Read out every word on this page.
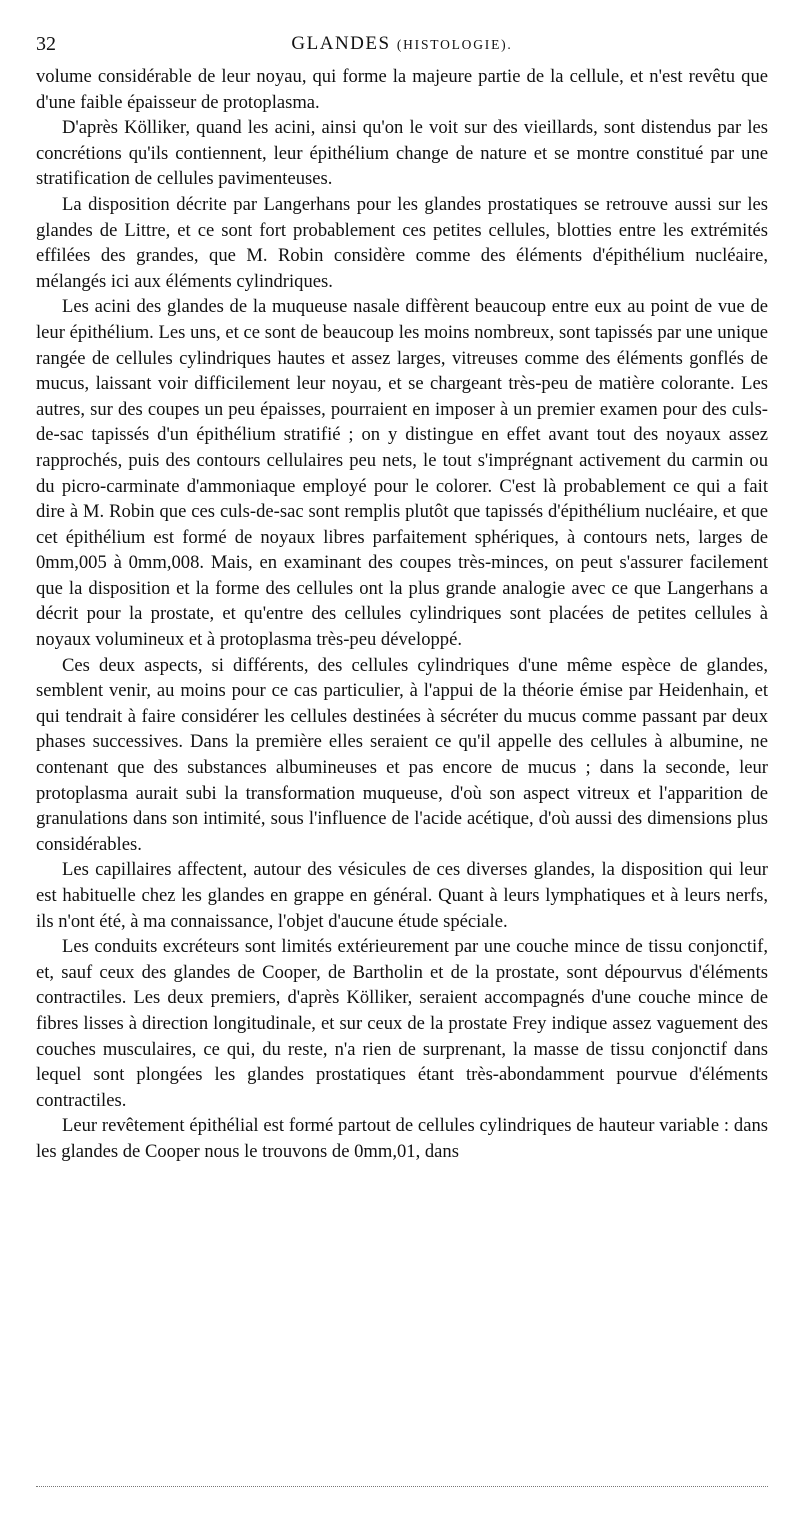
32	GLANDES (HISTOLOGIE).

volume considérable de leur noyau, qui forme la majeure partie de la cellule, et n'est revêtu que d'une faible épaisseur de protoplasma.

D'après Kölliker, quand les acini, ainsi qu'on le voit sur des vieillards, sont distendus par les concrétions qu'ils contiennent, leur épithélium change de nature et se montre constitué par une stratification de cellules pavimenteuses.

La disposition décrite par Langerhans pour les glandes prostatiques se retrouve aussi sur les glandes de Littre, et ce sont fort probablement ces petites cellules, blotties entre les extrémités effilées des grandes, que M. Robin considère comme des éléments d'épithélium nucléaire, mélangés ici aux éléments cylindriques.

Les acini des glandes de la muqueuse nasale diffèrent beaucoup entre eux au point de vue de leur épithélium. Les uns, et ce sont de beaucoup les moins nombreux, sont tapissés par une unique rangée de cellules cylindriques hautes et assez larges, vitreuses comme des éléments gonflés de mucus, laissant voir difficilement leur noyau, et se chargeant très-peu de matière colorante. Les autres, sur des coupes un peu épaisses, pourraient en imposer à un premier examen pour des culs-de-sac tapissés d'un épithélium stratifié ; on y distingue en effet avant tout des noyaux assez rapprochés, puis des contours cellulaires peu nets, le tout s'imprégnant activement du carmin ou du picro-carminate d'ammoniaque employé pour le colorer. C'est là probablement ce qui a fait dire à M. Robin que ces culs-de-sac sont remplis plutôt que tapissés d'épithélium nucléaire, et que cet épithélium est formé de noyaux libres parfaitement sphériques, à contours nets, larges de 0mm,005 à 0mm,008. Mais, en examinant des coupes très-minces, on peut s'assurer facilement que la disposition et la forme des cellules ont la plus grande analogie avec ce que Langerhans a décrit pour la prostate, et qu'entre des cellules cylindriques sont placées de petites cellules à noyaux volumineux et à protoplasma très-peu développé.

Ces deux aspects, si différents, des cellules cylindriques d'une même espèce de glandes, semblent venir, au moins pour ce cas particulier, à l'appui de la théorie émise par Heidenhain, et qui tendrait à faire considérer les cellules destinées à sécréter du mucus comme passant par deux phases successives. Dans la première elles seraient ce qu'il appelle des cellules à albumine, ne contenant que des substances albumineuses et pas encore de mucus ; dans la seconde, leur protoplasma aurait subi la transformation muqueuse, d'où son aspect vitreux et l'apparition de granulations dans son intimité, sous l'influence de l'acide acétique, d'où aussi des dimensions plus considérables.

Les capillaires affectent, autour des vésicules de ces diverses glandes, la disposition qui leur est habituelle chez les glandes en grappe en général. Quant à leurs lymphatiques et à leurs nerfs, ils n'ont été, à ma connaissance, l'objet d'aucune étude spéciale.

Les conduits excréteurs sont limités extérieurement par une couche mince de tissu conjonctif, et, sauf ceux des glandes de Cooper, de Bartholin et de la prostate, sont dépourvus d'éléments contractiles. Les deux premiers, d'après Kölliker, seraient accompagnés d'une couche mince de fibres lisses à direction longitudinale, et sur ceux de la prostate Frey indique assez vaguement des couches musculaires, ce qui, du reste, n'a rien de surprenant, la masse de tissu conjonctif dans lequel sont plongées les glandes prostatiques étant très-abondamment pourvue d'éléments contractiles.

Leur revêtement épithélial est formé partout de cellules cylindriques de hauteur variable : dans les glandes de Cooper nous le trouvons de 0mm,01, dans
